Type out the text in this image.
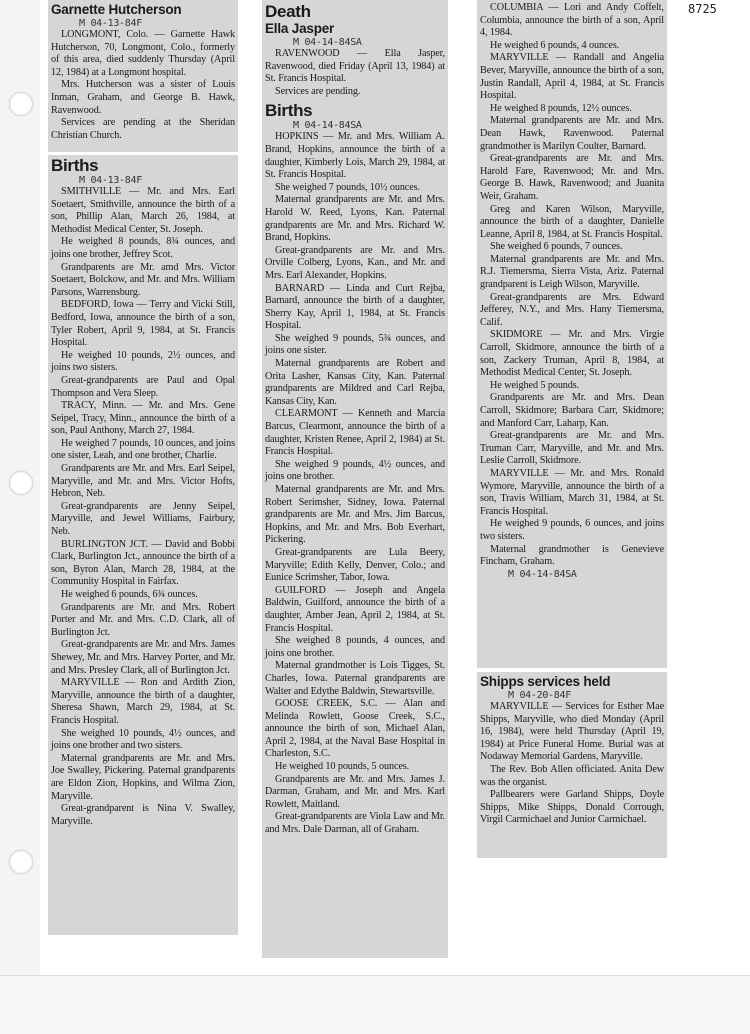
8725
Garnette Hutcherson
M 04-13-84F

LONGMONT, Colo. — Garnette Hawk Hutcherson, 70, Longmont, Colo., formerly of this area, died suddenly Thursday (April 12, 1984) at a Longmont hospital.

Mrs. Hutcherson was a sister of Louis Inman, Graham, and George B. Hawk, Ravenwood.

Services are pending at the Sheridan Christian Church.

Births
M 04-13-84F

SMITHVILLE — Mr. and Mrs. Earl Soetaert, Smithville, announce the birth of a son, Phillip Alan, March 26, 1984, at Methodist Medical Center, St. Joseph.

He weighed 8 pounds, 8¾ ounces, and joins one brother, Jeffrey Scot.

Grandparents are Mr. amd Mrs. Victor Soetaert, Bolckow, and Mr. and Mrs. William Parsons, Warrensburg.

BEDFORD, Iowa — Terry and Vicki Still, Bedford, Iowa, announce the birth of a son, Tyler Robert, April 9, 1984, at St. Francis Hospital.

He weighed 10 pounds, 2½ ounces, and joins two sisters.

Great-grandparents are Paul and Opal Thompson and Vera Sleep.

TRACY, Minn. — Mr. and Mrs. Gene Seipel, Tracy, Minn., announce the birth of a son, Paul Anthony, March 27, 1984.

He weighed 7 pounds, 10 ounces, and joins one sister, Leah, and one brother, Charlie.

Grandparents are Mr. and Mrs. Earl Seipel, Maryville, and Mr. and Mrs. Victor Hofts, Hebron, Neb.

Great-grandparents are Jenny Seipel, Maryville, and Jewel Williams, Fairbury, Neb.

BURLINGTON JCT. — David and Bobbi Clark, Burlington Jct., announce the birth of a son, Byron Alan, March 28, 1984, at the Community Hospital in Fairfax.

He weighed 6 pounds, 6¾ ounces.

Grandparents are Mr. and Mrs. Robert Porter and Mr. and Mrs. C.D. Clark, all of Burlington Jct.

Great-grandparents are Mr. and Mrs. James Shewey, Mr. and Mrs. Harvey Porter, and Mr. and Mrs. Presley Clark, all of Burlington Jct.

MARYVILLE — Ron and Ardith Zion, Maryville, announce the birth of a daughter, Sheresa Shawn, March 29, 1984, at St. Francis Hospital.

She weighed 10 pounds, 4½ ounces, and joins one brother and two sisters.

Maternal grandparents are Mr. and Mrs. Joe Swalley, Pickering. Paternal grandparents are Eldon Zion, Hopkins, and Wilma Zion, Maryville.

Great-grandparent is Nina V. Swalley, Maryville.

Death
Ella Jasper
M 04-14-84SA

RAVENWOOD — Ella Jasper, Ravenwood, died Friday (April 13, 1984) at St. Francis Hospital.

Services are pending.

Births
M 04-14-84SA

HOPKINS — Mr. and Mrs. William A. Brand, Hopkins, announce the birth of a daughter, Kimberly Lois, March 29, 1984, at St. Francis Hospital.

She weighed 7 pounds, 10½ ounces.

Maternal grandparents are Mr. and Mrs. Harold W. Reed, Lyons, Kan. Paternal grandparents are Mr. and Mrs. Richard W. Brand, Hopkins.

Great-grandparents are Mr. and Mrs. Orville Colberg, Lyons, Kan., and Mr. and Mrs. Earl Alexander, Hopkins.

BARNARD — Linda and Curt Rejba, Barnard, announce the birth of a daughter, Sherry Kay, April 1, 1984, at St. Francis Hospital.

She weighed 9 pounds, 5¾ ounces, and joins one sister.

Maternal grandparents are Robert and Orita Lasher, Kansas City, Kan. Paternal grandparents are Mildred and Carl Rejba, Kansas City, Kan.

CLEARMONT — Kenneth and Marcia Barcus, Clearmont, announce the birth of a daughter, Kristen Renee, April 2, 1984) at St. Francis Hospital.

She weighed 9 pounds, 4½ ounces, and joins one brother.

Maternal grandparents are Mr. and Mrs. Robert Serimsher, Sidney, Iowa. Paternal grandparents are Mr. and Mrs. Jim Barcus, Hopkins, and Mr. and Mrs. Bob Everhart, Pickering.

Great-grandparents are Lula Beery, Maryville; Edith Kelly, Denver, Colo.; and Eunice Scrimsher, Tabor, Iowa.

GUILFORD — Joseph and Angela Baldwin, Guilford, announce the birth of a daughter, Amber Jean, April 2, 1984, at St. Francis Hospital.

She weighed 8 pounds, 4 ounces, and joins one brother.

Maternal grandmother is Lois Tigges, St. Charles, Iowa. Paternal grandparents are Walter and Edythe Baldwin, Stewartsville.

GOOSE CREEK, S.C. — Alan and Melinda Rowlett, Goose Creek, S.C., announce the birth of son, Michael Alan, April 2, 1984, at the Naval Base Hospital in Charleston, S.C.

He weighed 10 pounds, 5 ounces.

Grandparents are Mr. and Mrs. James J. Darman, Graham, and Mr. and Mrs. Karl Rowlett, Maitland.

Great-grandparents are Viola Law and Mr. and Mrs. Dale Darman, all of Graham.

COLUMBIA — Lori and Andy Coffelt, Columbia, announce the birth of a son, April 4, 1984.

He weighed 6 pounds, 4 ounces.

MARYVILLE — Randall and Angelia Bever, Maryville, announce the birth of a son, Justin Randall, April 4, 1984, at St. Francis Hospital.

He weighed 8 pounds, 12½ ounces.

Maternal grandparents are Mr. and Mrs. Dean Hawk, Ravenwood. Paternal grandmother is Marilyn Coulter, Barnard.

Great-grandparents are Mr. and Mrs. Harold Fare, Ravenwood; Mr. and Mrs. George B. Hawk, Ravenwood; and Juanita Weir, Graham.

Greg and Karen Wilson, Maryville, announce the birth of a daughter, Danielle Leanne, April 8, 1984, at St. Francis Hospital.

She weighed 6 pounds, 7 ounces.

Maternal grandparents are Mr. and Mrs. R.J. Tiemersma, Sierra Vista, Ariz. Paternal grandparent is Leigh Wilson, Maryville.

Great-grandparents are Mrs. Edward Jefferey, N.Y., and Mrs. Hany Tiemersma, Calif.

SKIDMORE — Mr. and Mrs. Virgie Carroll, Skidmore, announce the birth of a son, Zackery Truman, April 8, 1984, at Methodist Medical Center, St. Joseph.

He weighed 5 pounds.

Grandparents are Mr. and Mrs. Dean Carroll, Skidmore; Barbara Carr, Skidmore; and Manford Carr, Laharp, Kan.

Great-grandparents are Mr. and Mrs. Truman Carr, Maryville, and Mr. and Mrs. Leslie Carroll, Skidmore.

MARYVILLE — Mr. and Mrs. Ronald Wymore, Maryville, announce the birth of a son, Travis William, March 31, 1984, at St. Francis Hospital.

He weighed 9 pounds, 6 ounces, and joins two sisters.

Maternal grandmother is Genevieve Fincham, Graham.

M 04-14-84SA
Shipps services held
M 04-20-84F

MARYVILLE — Services for Esther Mae Shipps, Maryville, who died Monday (April 16, 1984), were held Thursday (April 19, 1984) at Price Funeral Home. Burial was at Nodaway Memorial Gardens, Maryville.

The Rev. Bob Allen officiated. Anita Dew was the organist.

Pallbearers were Garland Shipps, Doyle Shipps, Mike Shipps, Donald Corrough, Virgil Carmichael and Junior Carmichael.
